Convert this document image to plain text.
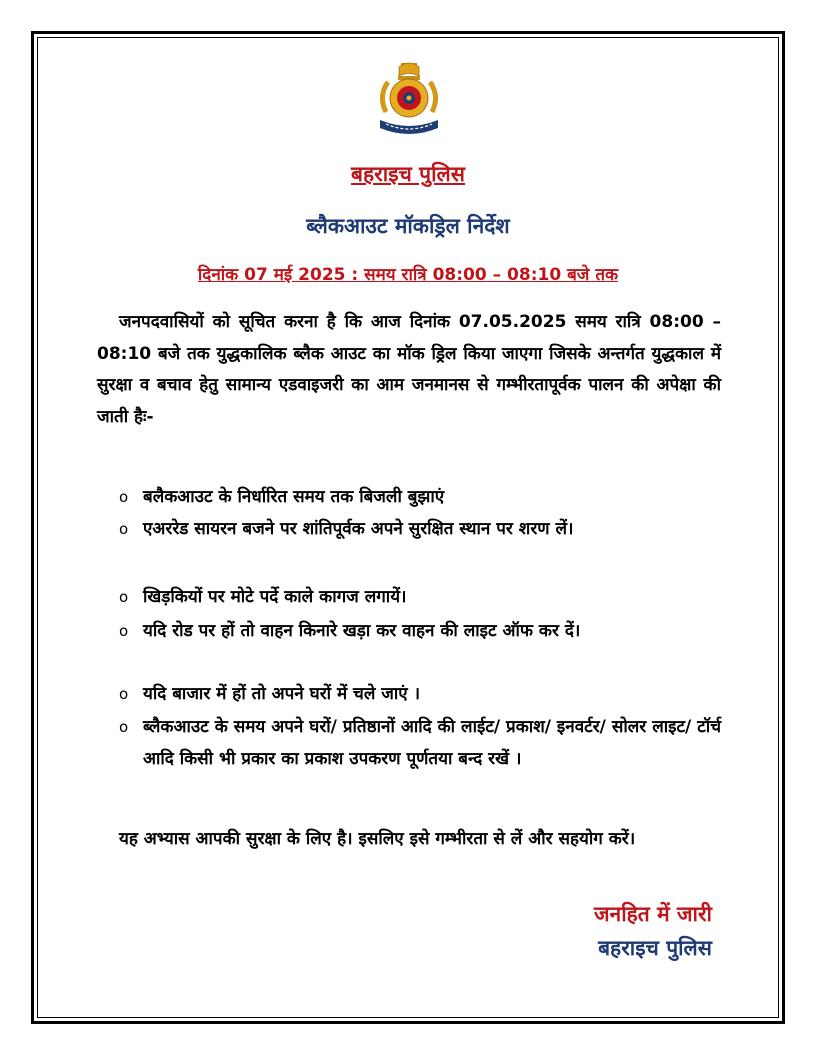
बहराइच पुलिस
ब्लैकआउट मॉकड्रिल निर्देश
दिनांक 07 मई 2025 : समय रात्रि 08:00 – 08:10 बजे तक

जनपदवासियों को सूचित करना है कि आज दिनांक 07.05.2025 समय रात्रि 08:00 – 08:10 बजे तक युद्धकालिक ब्लैक आउट का मॉक ड्रिल किया जाएगा जिसके अन्तर्गत युद्धकाल में सुरक्षा व बचाव हेतु सामान्य एडवाइजरी का आम जनमानस से गम्भीरतापूर्वक पालन की अपेक्षा की जाती हैः-

o बलैकआउट के निर्धारित समय तक बिजली बुझाएं
o एअररेड सायरन बजने पर शांतिपूर्वक अपने सुरक्षित स्थान पर शरण लें।
o खिड़कियों पर मोटे पर्दे काले कागज लगायें।
o यदि रोड पर हों तो वाहन किनारे खड़ा कर वाहन की लाइट ऑफ कर दें।
o यदि बाजार में हों तो अपने घरों में चले जाएं ।
o ब्लैकआउट के समय अपने घरों/ प्रतिष्ठानों आदि की लाईट/ प्रकाश/ इनवर्टर/ सोलर लाइट/ टॉर्च आदि किसी भी प्रकार का प्रकाश उपकरण पूर्णतया बन्द रखें ।

यह अभ्यास आपकी सुरक्षा के लिए है। इसलिए इसे गम्भीरता से लें और सहयोग करें।

जनहित में जारी
बहराइच पुलिस
